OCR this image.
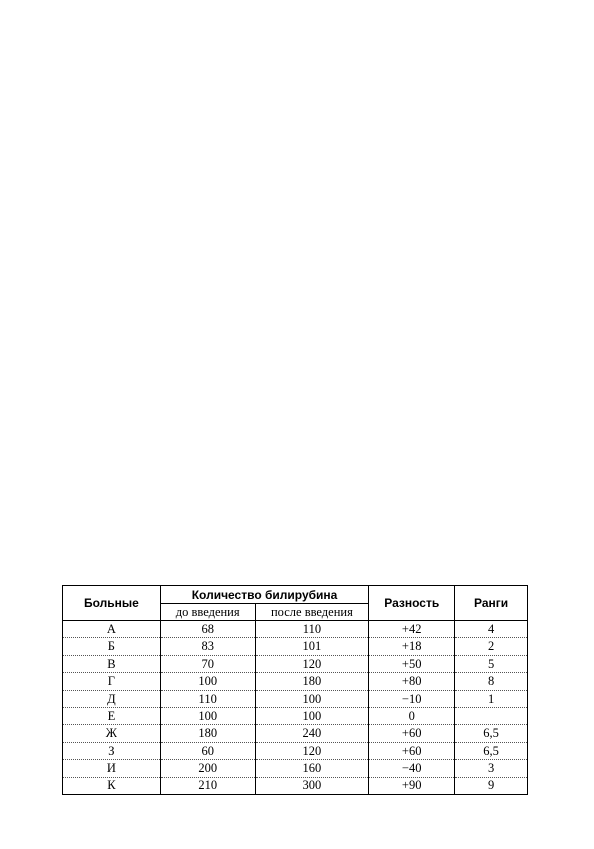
Больные	Количество билирубина		Разность	Ранги
	до введения	после введения		
А	68	110	+42	4
Б	83	101	+18	2
В	70	120	+50	5
Г	100	180	+80	8
Д	110	100	−10	1
Е	100	100	0	
Ж	180	240	+60	6,5
З	60	120	+60	6,5
И	200	160	−40	3
К	210	300	+90	9
